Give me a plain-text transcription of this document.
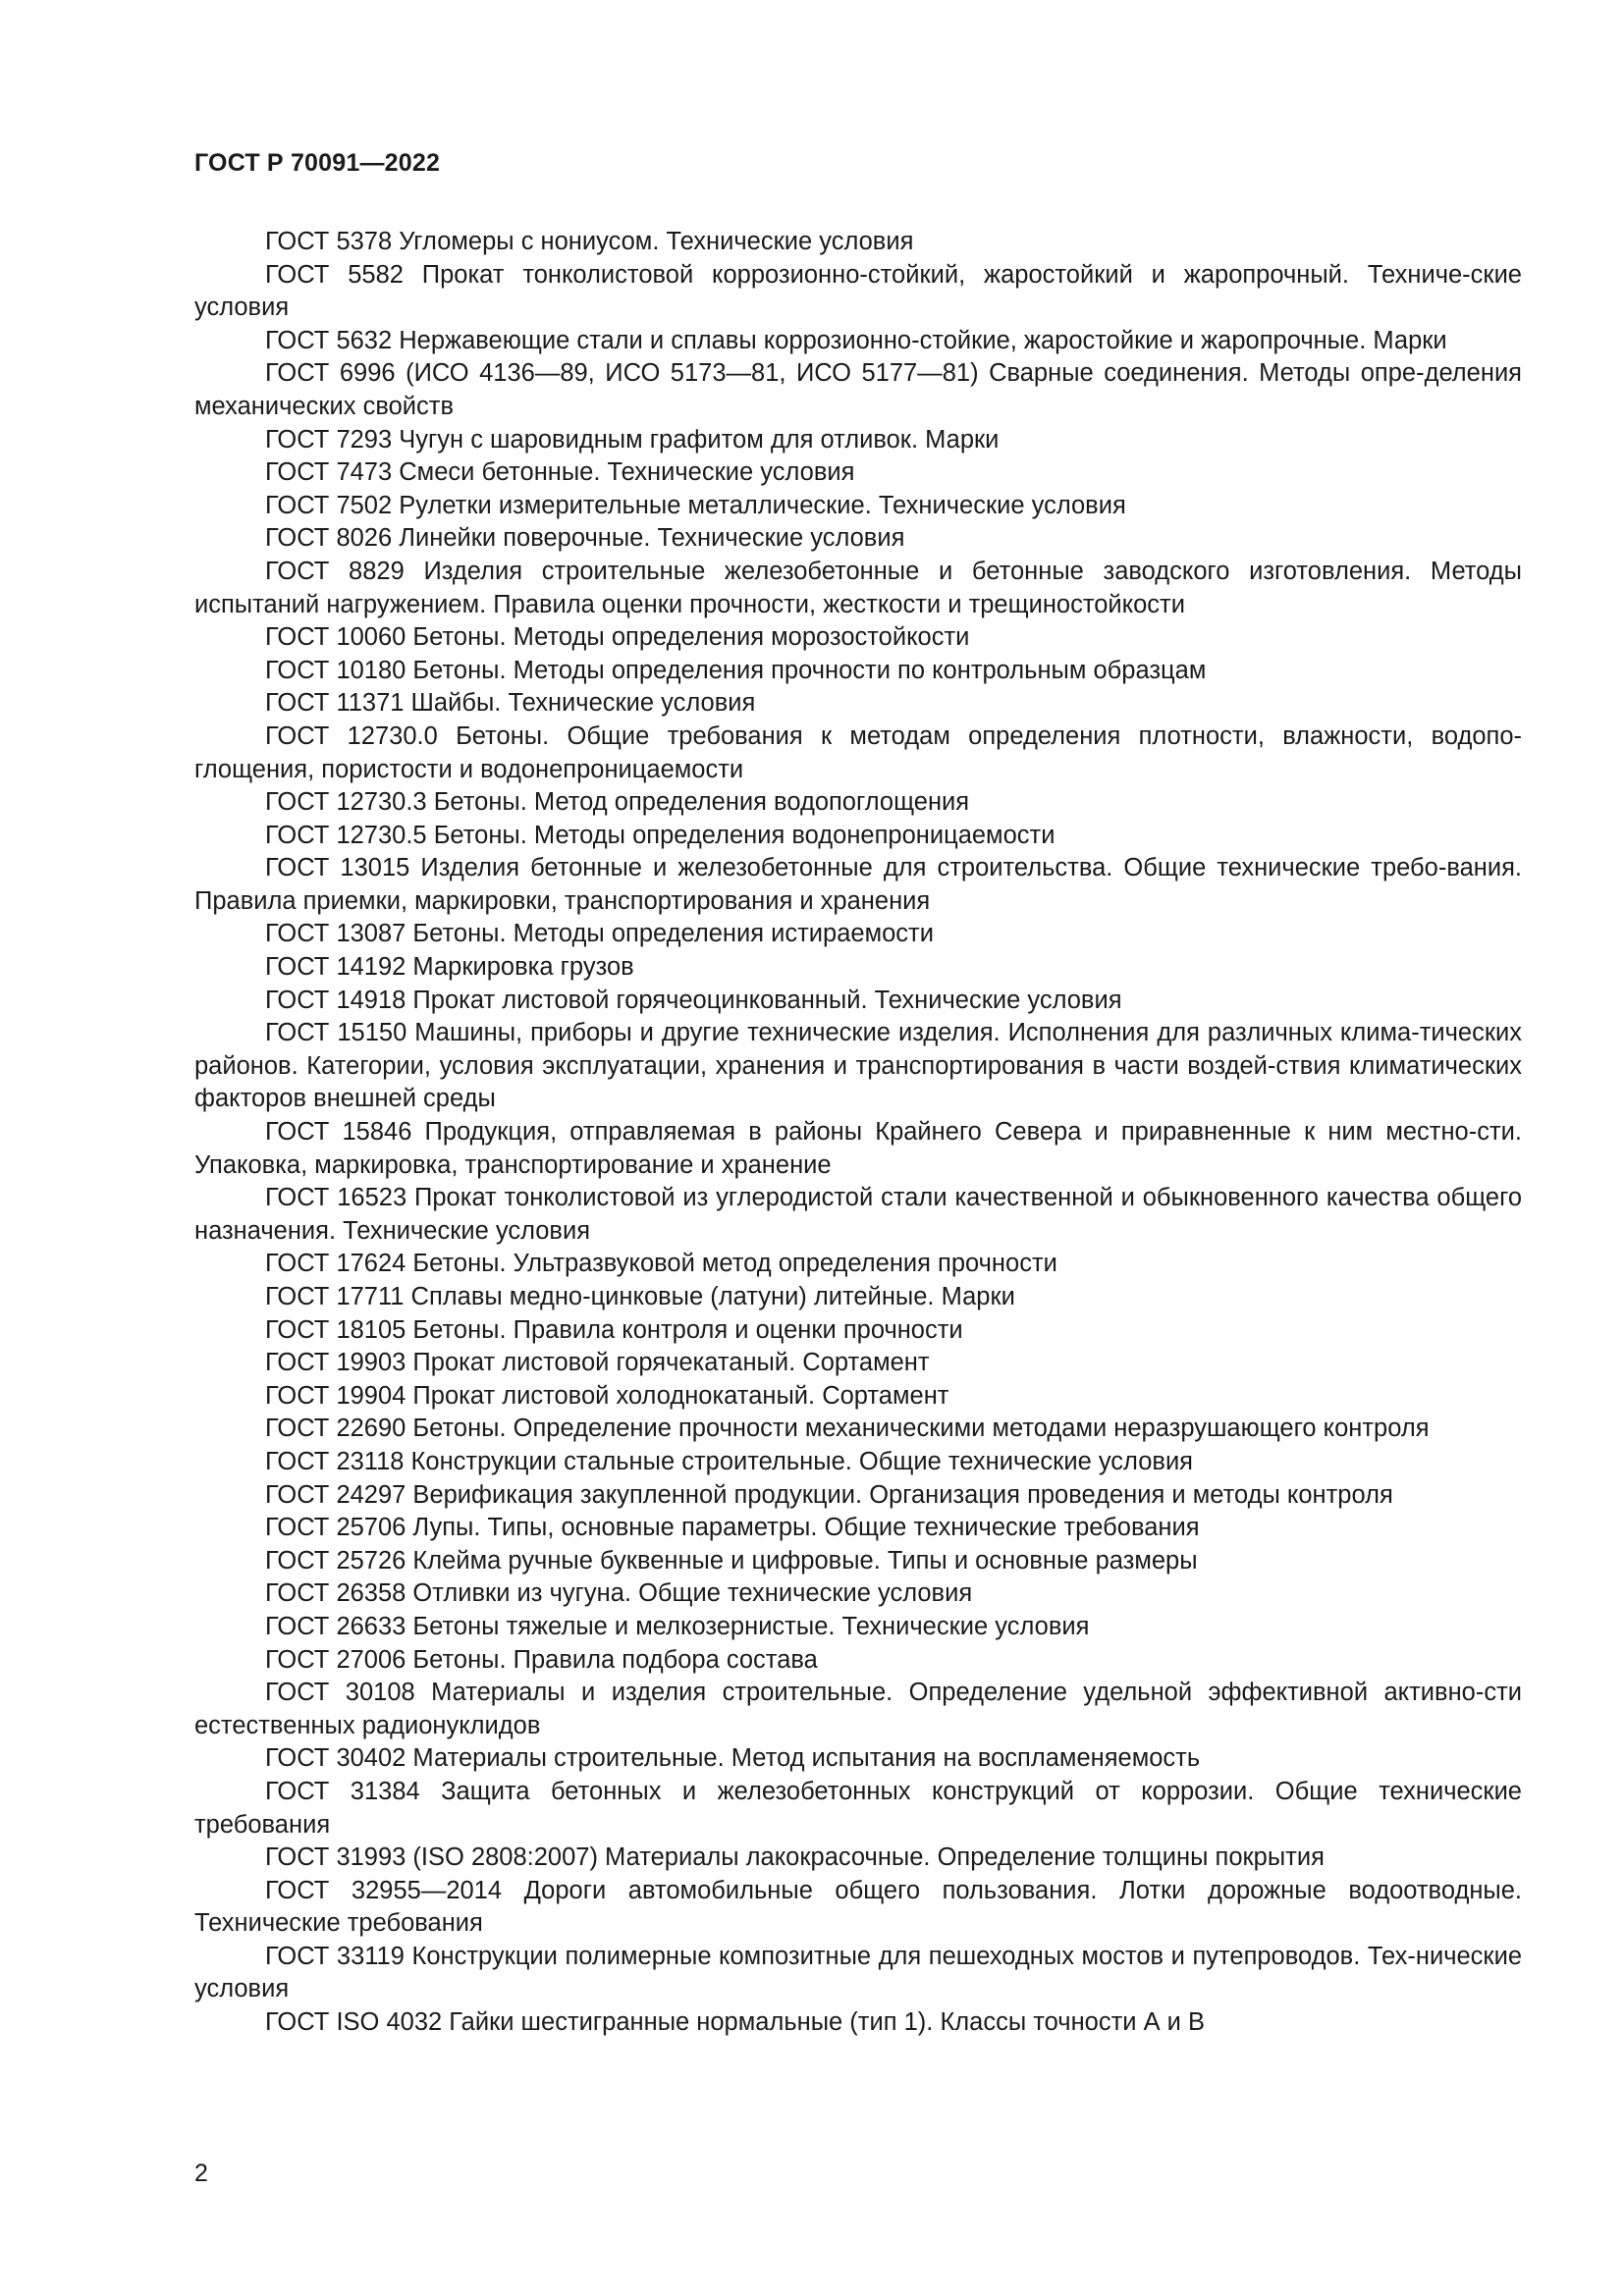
ГОСТ Р 70091—2022
ГОСТ 5378 Угломеры с нониусом. Технические условия
ГОСТ 5582 Прокат тонколистовой коррозионно-стойкий, жаростойкий и жаропрочный. Техниче-ские условия
ГОСТ 5632 Нержавеющие стали и сплавы коррозионно-стойкие, жаростойкие и жаропрочные. Марки
ГОСТ 6996 (ИСО 4136—89, ИСО 5173—81, ИСО 5177—81) Сварные соединения. Методы опре-деления механических свойств
ГОСТ 7293 Чугун с шаровидным графитом для отливок. Марки
ГОСТ 7473 Смеси бетонные. Технические условия
ГОСТ 7502 Рулетки измерительные металлические. Технические условия
ГОСТ 8026 Линейки поверочные. Технические условия
ГОСТ 8829 Изделия строительные железобетонные и бетонные заводского изготовления. Методы испытаний нагружением. Правила оценки прочности, жесткости и трещиностойкости
ГОСТ 10060 Бетоны. Методы определения морозостойкости
ГОСТ 10180 Бетоны. Методы определения прочности по контрольным образцам
ГОСТ 11371 Шайбы. Технические условия
ГОСТ 12730.0 Бетоны. Общие требования к методам определения плотности, влажности, водопо-глощения, пористости и водонепроницаемости
ГОСТ 12730.3 Бетоны. Метод определения водопоглощения
ГОСТ 12730.5 Бетоны. Методы определения водонепроницаемости
ГОСТ 13015 Изделия бетонные и железобетонные для строительства. Общие технические требо-вания. Правила приемки, маркировки, транспортирования и хранения
ГОСТ 13087 Бетоны. Методы определения истираемости
ГОСТ 14192 Маркировка грузов
ГОСТ 14918 Прокат листовой горячеоцинкованный. Технические условия
ГОСТ 15150 Машины, приборы и другие технические изделия. Исполнения для различных клима-тических районов. Категории, условия эксплуатации, хранения и транспортирования в части воздей-ствия климатических факторов внешней среды
ГОСТ 15846 Продукция, отправляемая в районы Крайнего Севера и приравненные к ним местно-сти. Упаковка, маркировка, транспортирование и хранение
ГОСТ 16523 Прокат тонколистовой из углеродистой стали качественной и обыкновенного качества общего назначения. Технические условия
ГОСТ 17624 Бетоны. Ультразвуковой метод определения прочности
ГОСТ 17711 Сплавы медно-цинковые (латуни) литейные. Марки
ГОСТ 18105 Бетоны. Правила контроля и оценки прочности
ГОСТ 19903 Прокат листовой горячекатаный. Сортамент
ГОСТ 19904 Прокат листовой холоднокатаный. Сортамент
ГОСТ 22690 Бетоны. Определение прочности механическими методами неразрушающего контроля
ГОСТ 23118 Конструкции стальные строительные. Общие технические условия
ГОСТ 24297 Верификация закупленной продукции. Организация проведения и методы контроля
ГОСТ 25706 Лупы. Типы, основные параметры. Общие технические требования
ГОСТ 25726 Клейма ручные буквенные и цифровые. Типы и основные размеры
ГОСТ 26358 Отливки из чугуна. Общие технические условия
ГОСТ 26633 Бетоны тяжелые и мелкозернистые. Технические условия
ГОСТ 27006 Бетоны. Правила подбора состава
ГОСТ 30108 Материалы и изделия строительные. Определение удельной эффективной активно-сти естественных радионуклидов
ГОСТ 30402 Материалы строительные. Метод испытания на воспламеняемость
ГОСТ 31384 Защита бетонных и железобетонных конструкций от коррозии. Общие технические требования
ГОСТ 31993 (ISO 2808:2007) Материалы лакокрасочные. Определение толщины покрытия
ГОСТ 32955—2014 Дороги автомобильные общего пользования. Лотки дорожные водоотводные. Технические требования
ГОСТ 33119 Конструкции полимерные композитные для пешеходных мостов и путепроводов. Тех-нические условия
ГОСТ ISO 4032 Гайки шестигранные нормальные (тип 1). Классы точности А и В
2
